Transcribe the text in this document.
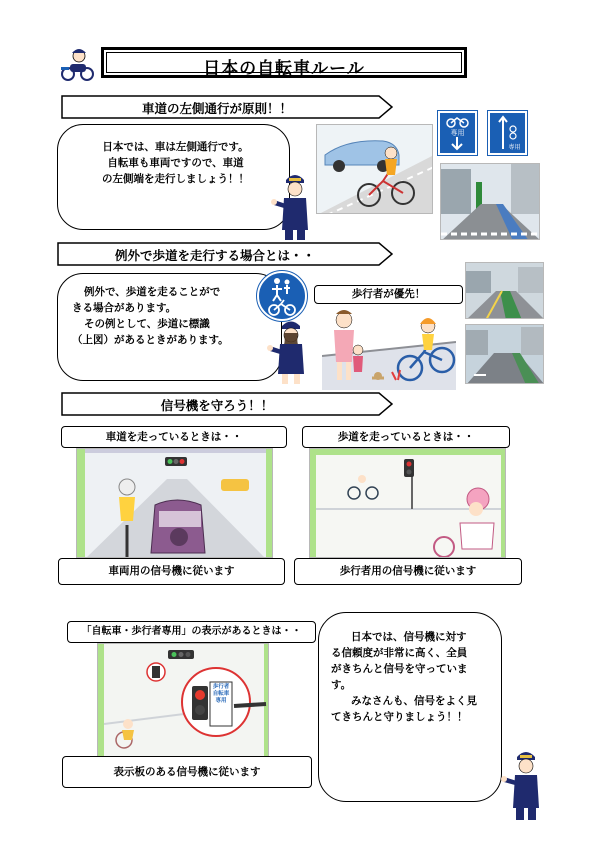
日本の自転車ルール
車道の左側通行が原則！！
日本では、車は左側通行です。
自転車も車両ですので、車道
の左側端を走行しましょう！！
専用
専用
例外で歩道を走行する場合とは・・
例外で、歩道を走ることがで
きる場合があります。
その例として、歩道に標識
（上図）があるときがあります。
歩行者が優先！
信号機を守ろう！！
車道を走っているときは・・
車両用の信号機に従います
歩道を走っているときは・・
歩行者用の信号機に従います
「自転車・歩行者専用」の表示があるときは・・
歩行者
自転車
専用
表示板のある信号機に従います
日本では、信号機に対す
る信頼度が非常に高く、全員
がきちんと信号を守っていま
す。
みなさんも、信号をよく見
てきちんと守りましょう！！
